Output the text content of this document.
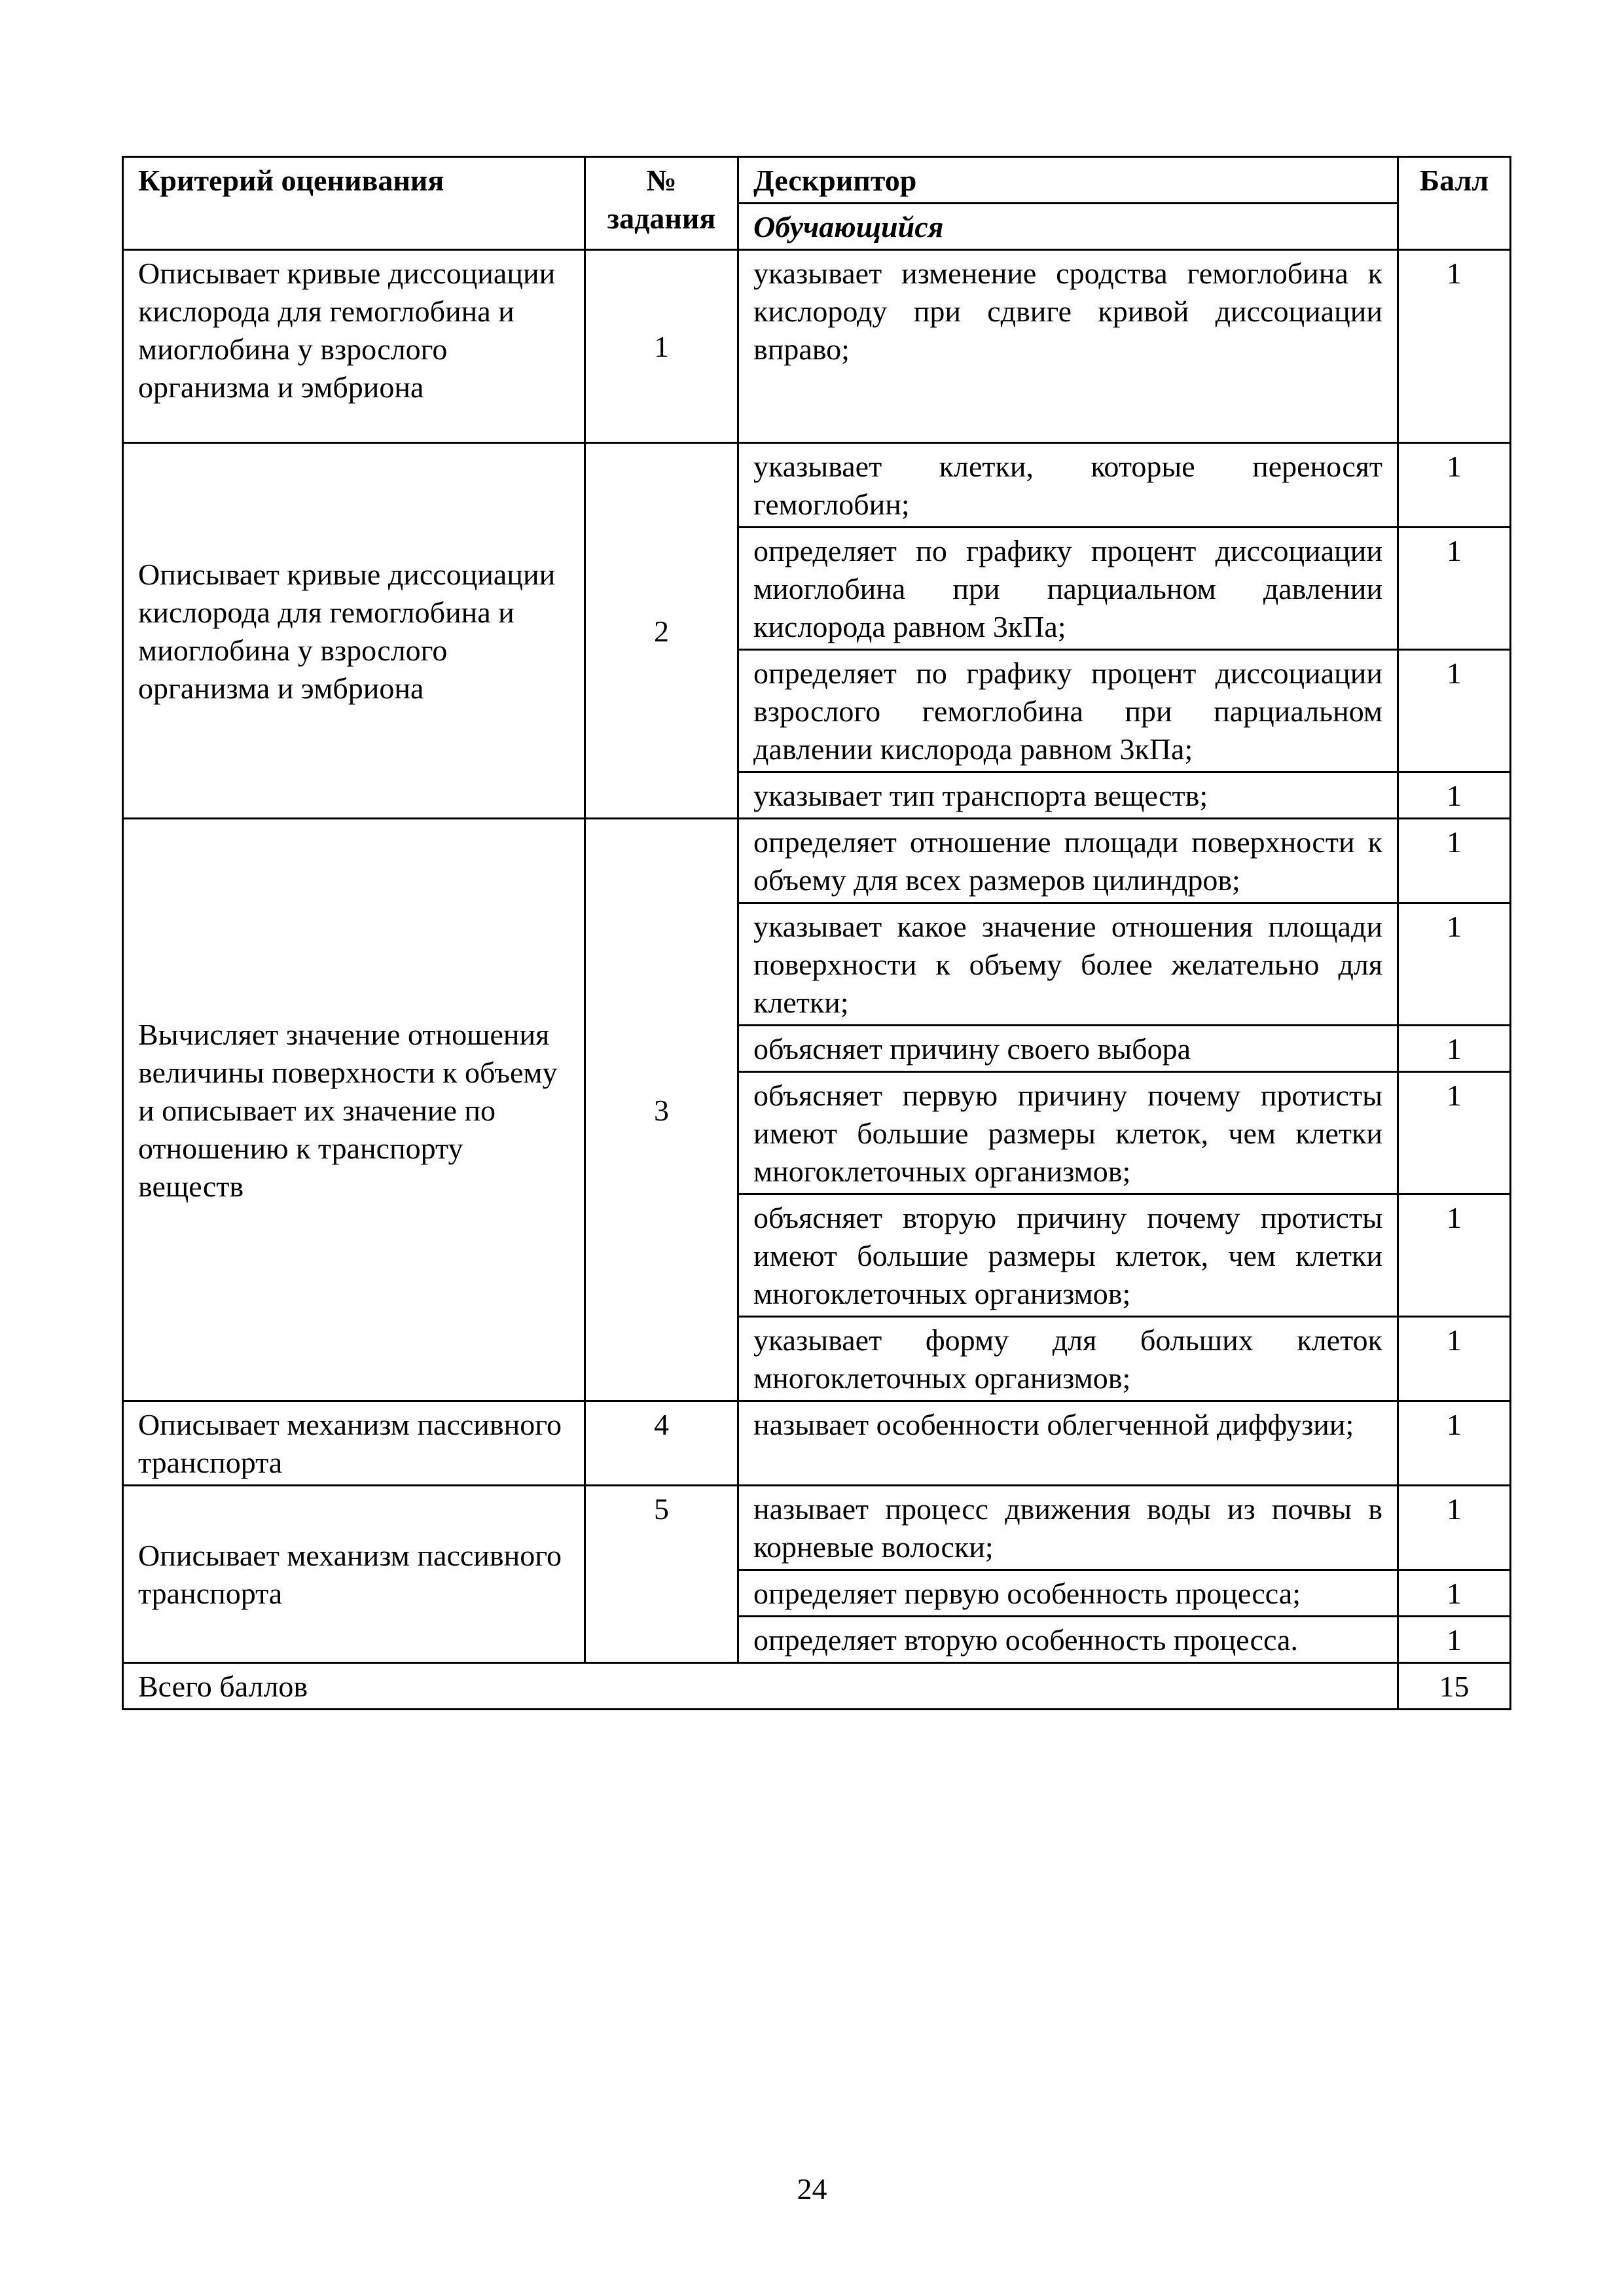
Критерий оценивания	№ задания	Дескриптор	Балл
		Обучающийся	
Описывает кривые диссоциации кислорода для гемоглобина и миоглобина у взрослого организма и эмбриона	1	указывает изменение сродства гемоглобина к кислороду при сдвиге кривой диссоциации вправо;	1
Описывает кривые диссоциации кислорода для гемоглобина и миоглобина у взрослого организма и эмбриона	2	указывает клетки, которые переносят гемоглобин;	1
		определяет по графику процент диссоциации миоглобина при парциальном давлении кислорода равном 3кПа;	1
		определяет по графику процент диссоциации взрослого гемоглобина при парциальном давлении кислорода равном 3кПа;	1
		указывает тип транспорта веществ;	1
Вычисляет значение отношения величины поверхности к объему и описывает их значение по отношению к транспорту веществ	3	определяет отношение площади поверхности к объему для всех размеров цилиндров;	1
		указывает какое значение отношения площади поверхности к объему более желательно для клетки;	1
		объясняет причину своего выбора	1
		объясняет первую причину почему протисты имеют большие размеры клеток, чем клетки многоклеточных организмов;	1
		объясняет вторую причину почему протисты имеют большие размеры клеток, чем клетки многоклеточных организмов;	1
		указывает форму для больших клеток многоклеточных организмов;	1
Описывает механизм пассивного транспорта	4	называет особенности облегченной диффузии;	1
Описывает механизм пассивного транспорта	5	называет процесс движения воды из почвы в корневые волоски;	1
		определяет первую особенность процесса;	1
		определяет вторую особенность процесса.	1
Всего баллов			15
24
